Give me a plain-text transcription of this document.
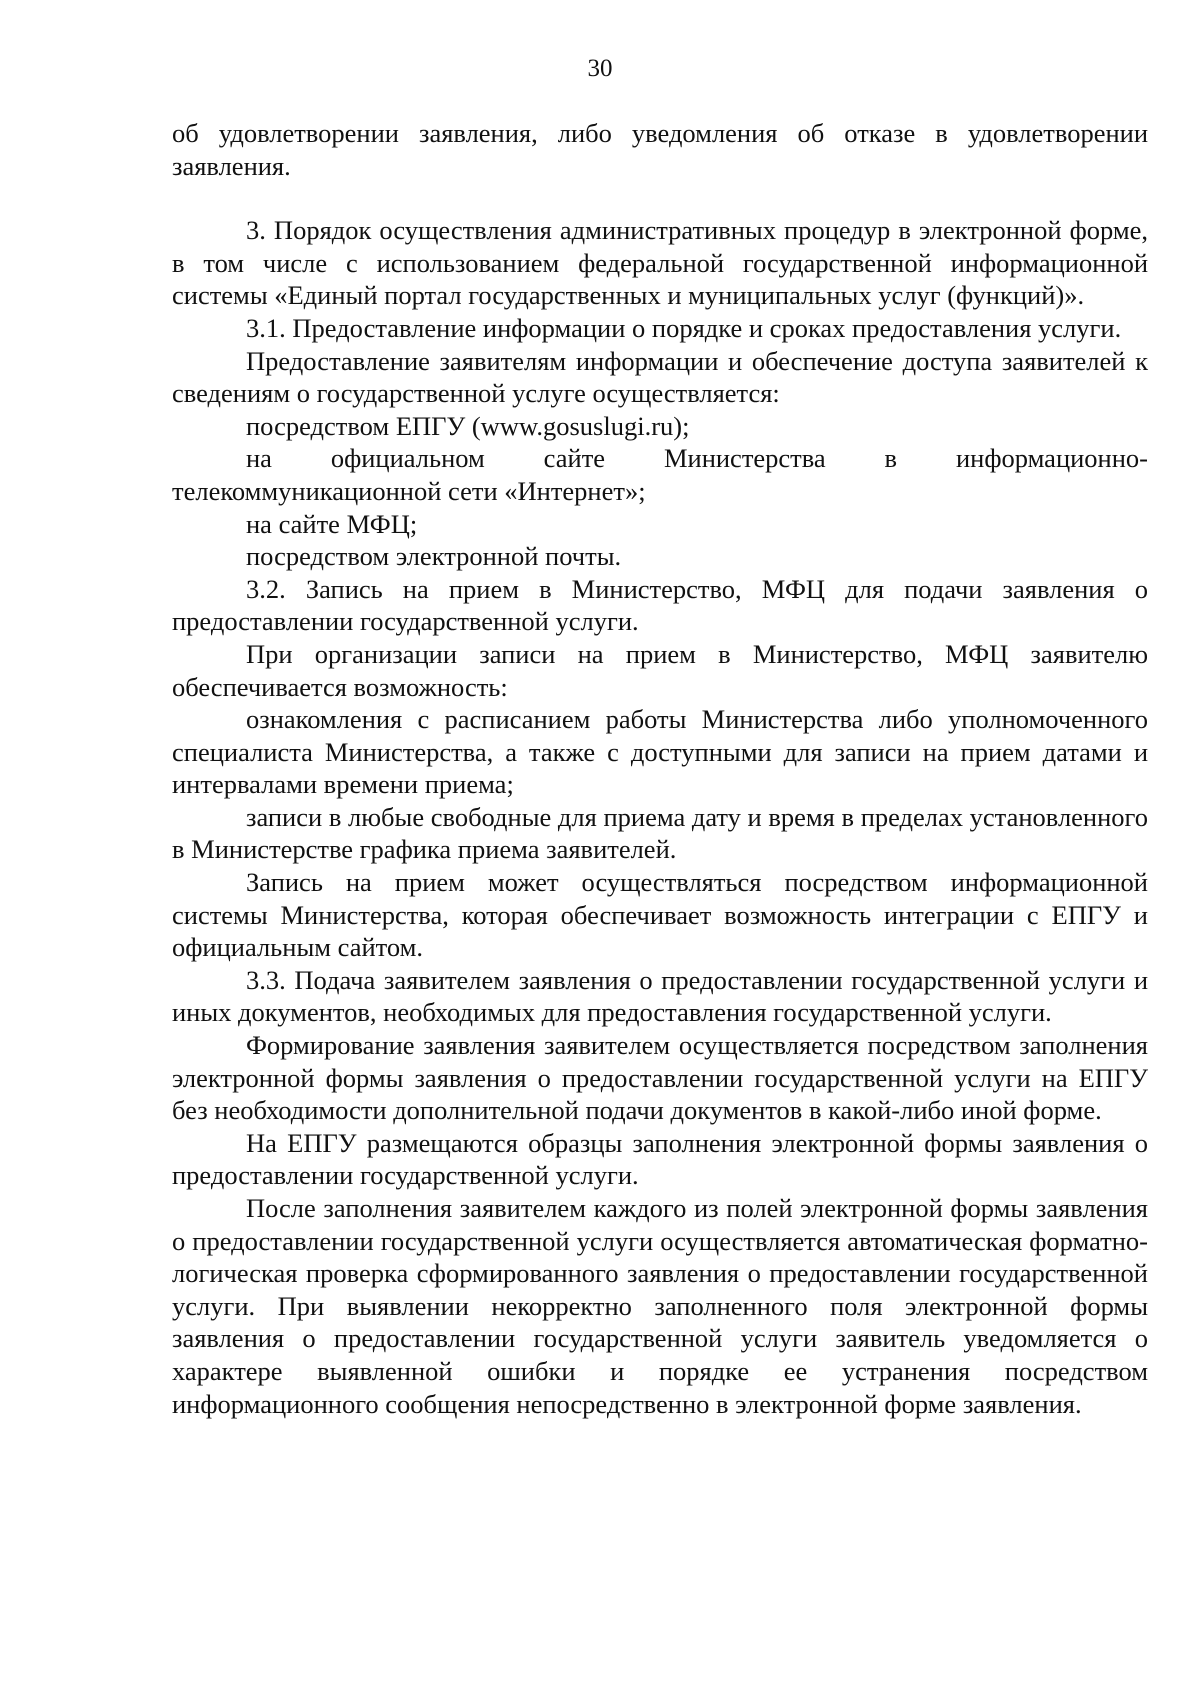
30

об удовлетворении заявления, либо уведомления об отказе в удовлетворении заявления.

3. Порядок осуществления административных процедур в электронной форме, в том числе с использованием федеральной государственной информационной системы «Единый портал государственных и муниципальных услуг (функций)».

3.1. Предоставление информации о порядке и сроках предоставления услуги.

Предоставление заявителям информации и обеспечение доступа заявителей к сведениям о государственной услуге осуществляется:

посредством ЕПГУ (www.gosuslugi.ru);

на официальном сайте Министерства в информационно-телекоммуникационной сети «Интернет»;

на сайте МФЦ;

посредством электронной почты.

3.2. Запись на прием в Министерство, МФЦ для подачи заявления о предоставлении государственной услуги.

При организации записи на прием в Министерство, МФЦ заявителю обеспечивается возможность:

ознакомления с расписанием работы Министерства либо уполномоченного специалиста Министерства, а также с доступными для записи на прием датами и интервалами времени приема;

записи в любые свободные для приема дату и время в пределах установленного в Министерстве графика приема заявителей.

Запись на прием может осуществляться посредством информационной системы Министерства, которая обеспечивает возможность интеграции с ЕПГУ и официальным сайтом.

3.3. Подача заявителем заявления о предоставлении государственной услуги и иных документов, необходимых для предоставления государственной услуги.

Формирование заявления заявителем осуществляется посредством заполнения электронной формы заявления о предоставлении государственной услуги на ЕПГУ без необходимости дополнительной подачи документов в какой-либо иной форме.

На ЕПГУ размещаются образцы заполнения электронной формы заявления о предоставлении государственной услуги.

После заполнения заявителем каждого из полей электронной формы заявления о предоставлении государственной услуги осуществляется автоматическая форматно-логическая проверка сформированного заявления о предоставлении государственной услуги. При выявлении некорректно заполненного поля электронной формы заявления о предоставлении государственной услуги заявитель уведомляется о характере выявленной ошибки и порядке ее устранения посредством информационного сообщения непосредственно в электронной форме заявления.
